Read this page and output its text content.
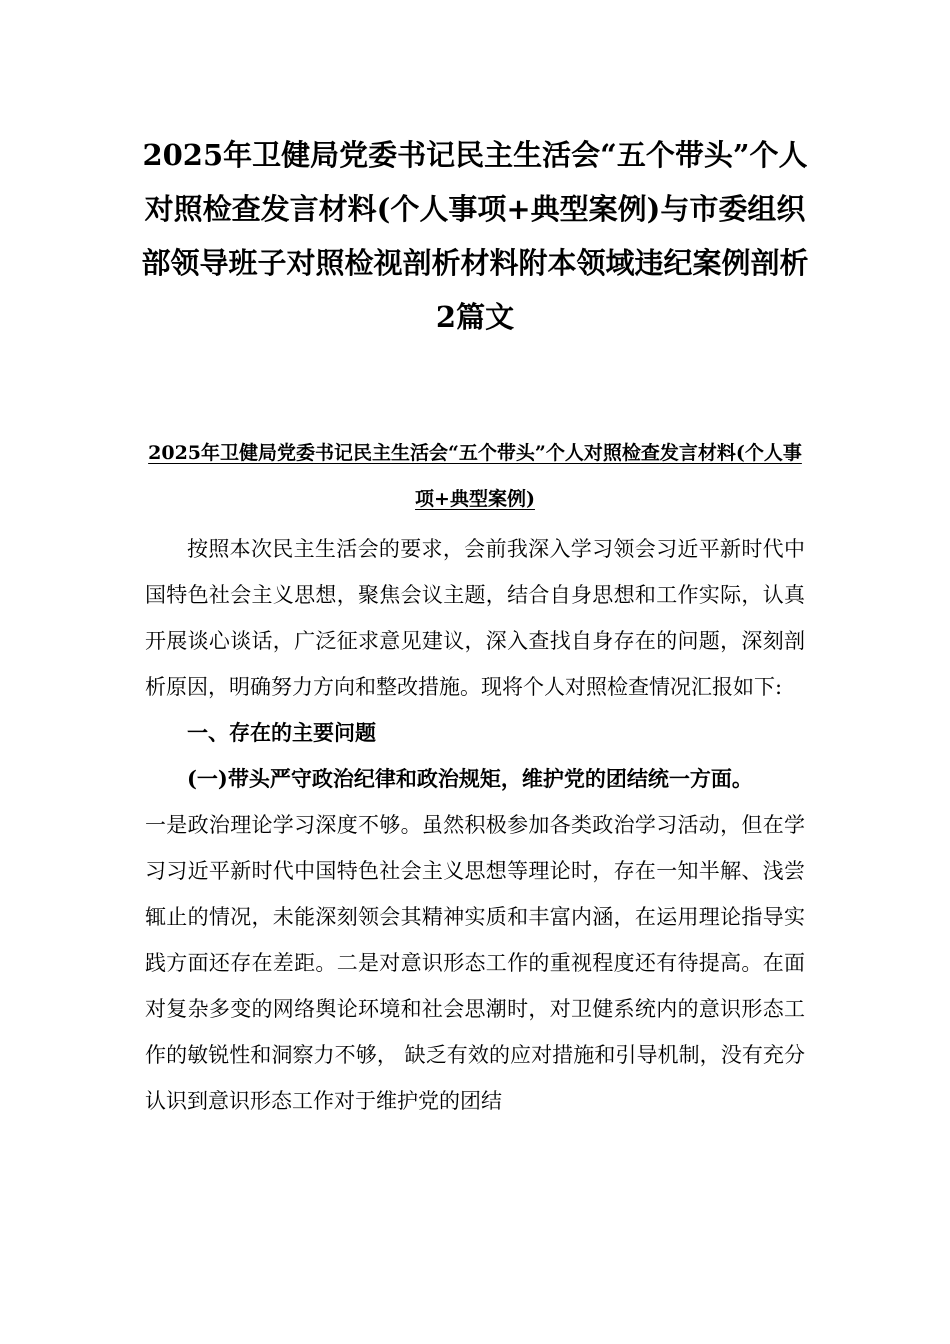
2025年卫健局党委书记民主生活会“五个带头”个人对照检查发言材料(个人事项+典型案例)与市委组织部领导班子对照检视剖析材料附本领域违纪案例剖析2篇文
2025年卫健局党委书记民主生活会“五个带头”个人对照检查发言材料(个人事项+典型案例)

按照本次民主生活会的要求，会前我深入学习领会习近平新时代中国特色社会主义思想，聚焦会议主题，结合自身思想和工作实际，认真开展谈心谈话，广泛征求意见建议，深入查找自身存在的问题，深刻剖析原因，明确努力方向和整改措施。现将个人对照检查情况汇报如下:

一、存在的主要问题

(一)带头严守政治纪律和政治规矩，维护党的团结统一方面。

一是政治理论学习深度不够。虽然积极参加各类政治学习活动，但在学习习近平新时代中国特色社会主义思想等理论时，存在一知半解、浅尝辄止的情况，未能深刻领会其精神实质和丰富内涵，在运用理论指导实践方面还存在差距。二是对意识形态工作的重视程度还有待提高。在面对复杂多变的网络舆论环境和社会思潮时，对卫健系统内的意识形态工作的敏锐性和洞察力不够， 缺乏有效的应对措施和引导机制，没有充分认识到意识形态工作对于维护党的团结
